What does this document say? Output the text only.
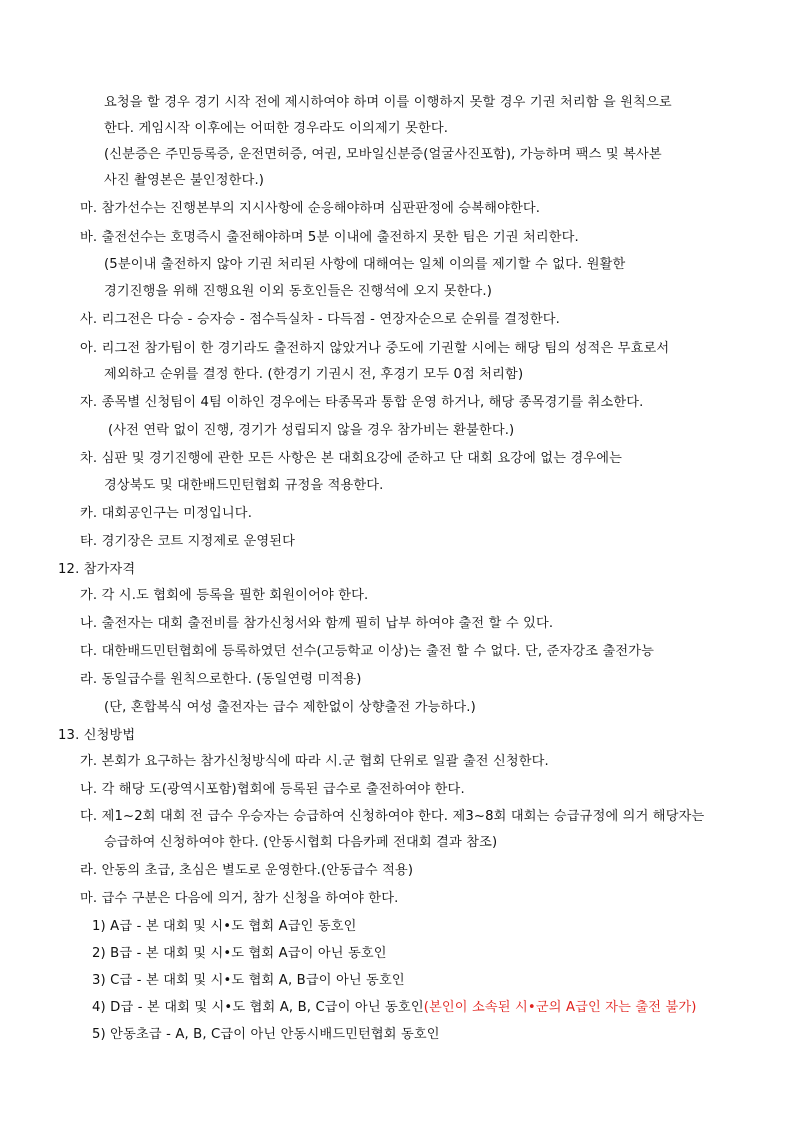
요청을 할 경우 경기 시작 전에 제시하여야 하며 이를 이행하지 못할 경우 기권 처리함 을 원칙으로
한다. 게임시작 이후에는 어떠한 경우라도 이의제기 못한다.
(신분증은 주민등록증, 운전면허증, 여권, 모바일신분증(얼굴사진포함), 가능하며 팩스 및 복사본
사진 촬영본은 불인정한다.)
마. 참가선수는 진행본부의 지시사항에 순응해야하며 심판판정에 승복해야한다.
바. 출전선수는 호명즉시 출전해야하며 5분 이내에 출전하지 못한 팀은 기권 처리한다.
(5분이내 출전하지 않아 기권 처리된 사항에 대해여는 일체 이의를 제기할 수 없다. 원활한
경기진행을 위해 진행요원 이외 동호인들은 진행석에 오지 못한다.)
사. 리그전은 다승 - 승자승 - 점수득실차 - 다득점 - 연장자순으로 순위를 결정한다.
아. 리그전 참가팀이 한 경기라도 출전하지 않았거나 중도에 기권할 시에는 해당 팀의 성적은 무효로서
제외하고 순위를 결정 한다. (한경기 기권시 전, 후경기 모두 0점 처리함)
자. 종목별 신청팀이 4팀 이하인 경우에는 타종목과 통합 운영 하거나, 해당 종목경기를 취소한다.
(사전 연락 없이 진행, 경기가 성립되지 않을 경우 참가비는 환불한다.)
차. 심판 및 경기진행에 관한 모든 사항은 본 대회요강에 준하고 단 대회 요강에 없는 경우에는
경상북도 및 대한배드민턴협회 규정을 적용한다.
카. 대회공인구는 미정입니다.
타. 경기장은 코트 지정제로 운영된다
12. 참가자격
가. 각 시.도 협회에 등록을 필한 회원이어야 한다.
나. 출전자는 대회 출전비를 참가신청서와 함께 필히 납부 하여야 출전 할 수 있다.
다. 대한배드민턴협회에 등록하였던 선수(고등학교 이상)는 출전 할 수 없다. 단, 준자강조 출전가능
라. 동일급수를 원칙으로한다. (동일연령 미적용)
(단, 혼합복식 여성 출전자는 급수 제한없이 상향출전 가능하다.)
13. 신청방법
가. 본회가 요구하는 참가신청방식에 따라 시.군 협회 단위로 일괄 출전 신청한다.
나. 각 해당 도(광역시포함)협회에 등록된 급수로 출전하여야 한다.
다. 제1~2회 대회 전 급수 우승자는 승급하여 신청하여야 한다. 제3~8회 대회는 승급규정에 의거 해당자는
승급하여 신청하여야 한다. (안동시협회 다음카페 전대회 결과 참조)
라. 안동의 초급, 초심은 별도로 운영한다.(안동급수 적용)
마. 급수 구분은 다음에 의거, 참가 신청을 하여야 한다.
1) A급 - 본 대회 및 시•도 협회 A급인 동호인
2) B급 - 본 대회 및 시•도 협회 A급이 아닌 동호인
3) C급 - 본 대회 및 시•도 협회 A, B급이 아닌 동호인
4) D급 - 본 대회 및 시•도 협회 A, B, C급이 아닌 동호인(본인이 소속된 시•군의 A급인 자는 출전 불가)
5) 안동초급 - A, B, C급이 아닌 안동시배드민턴협회 동호인
